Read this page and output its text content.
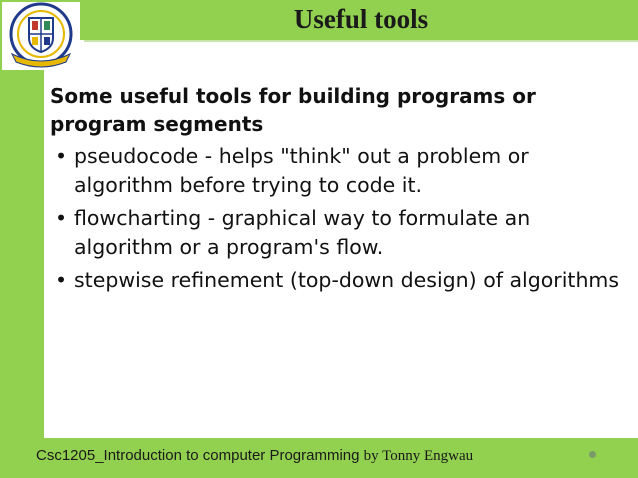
Useful tools

Some useful tools for building programs or program segments

• pseudocode - helps "think" out a problem or algorithm before trying to code it.
• flowcharting - graphical way to formulate an algorithm or a program's flow.
• stepwise refinement (top-down design) of algorithms
Csc1205_Introduction to computer Programming by Tonny Engwau
